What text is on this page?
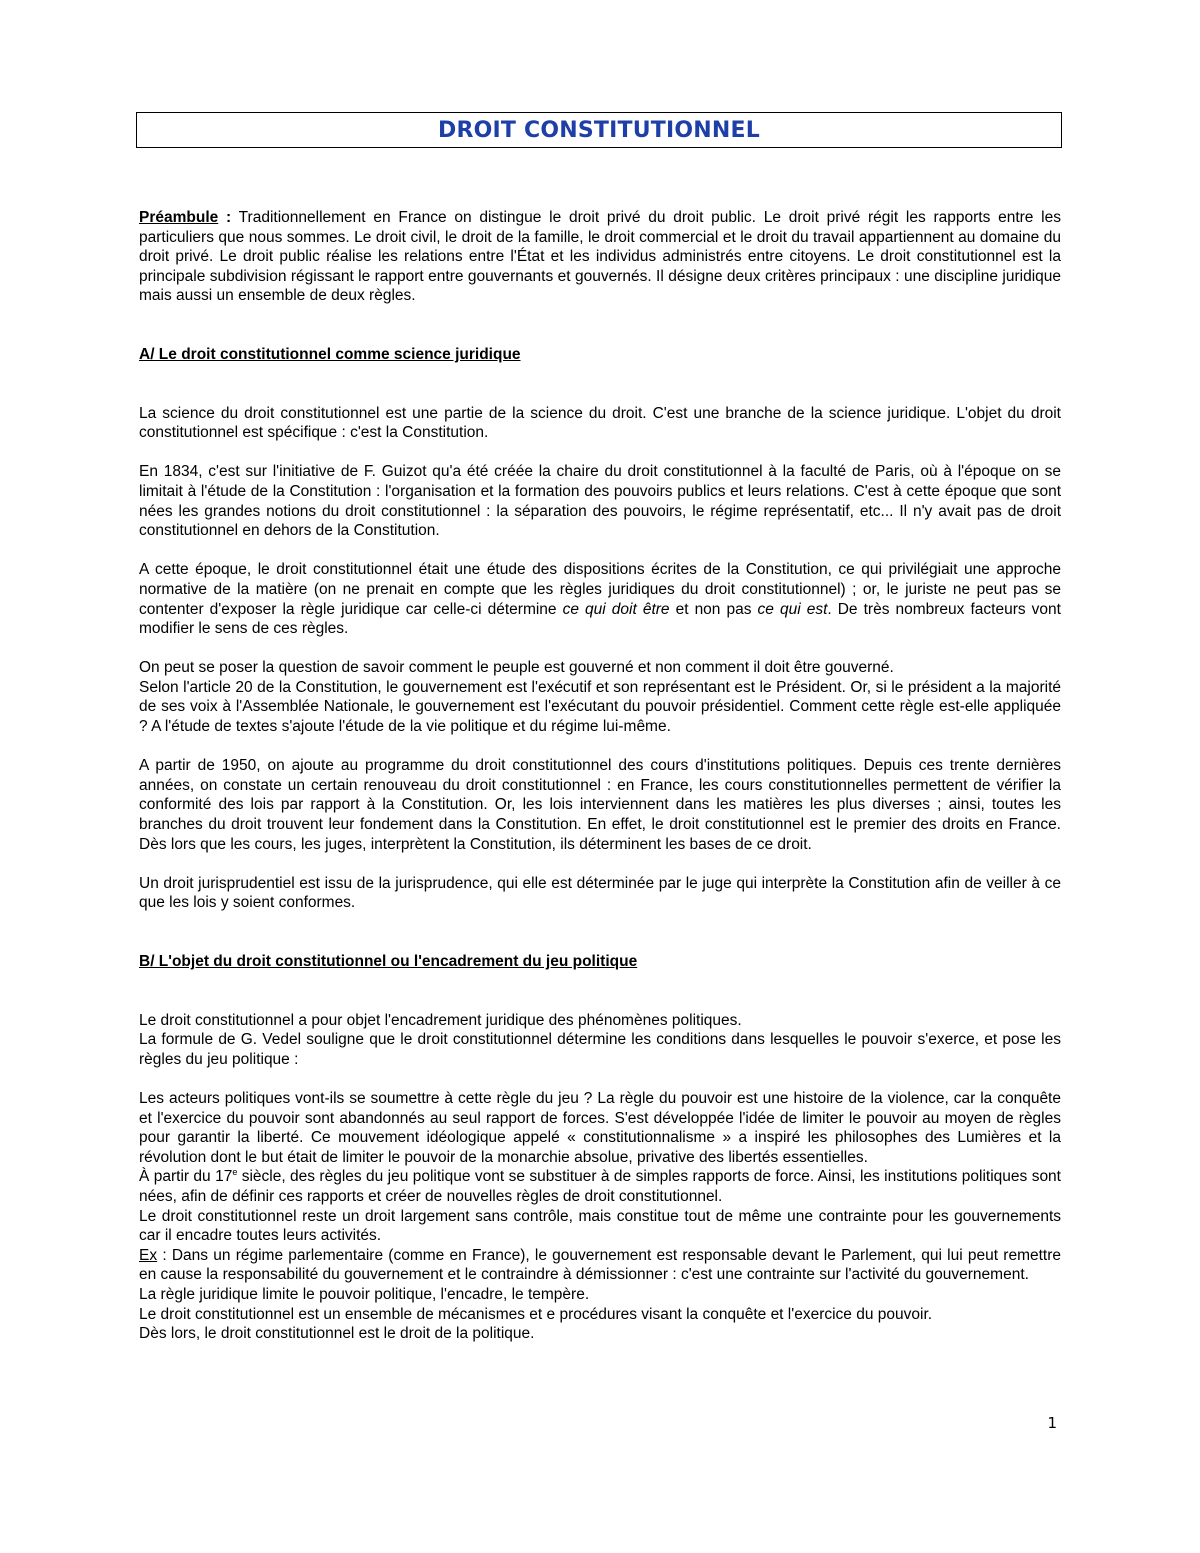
DROIT CONSTITUTIONNEL

Préambule : Traditionnellement en France on distingue le droit privé du droit public. Le droit privé régit les rapports entre les particuliers que nous sommes. Le droit civil, le droit de la famille, le droit commercial et le droit du travail appartiennent au domaine du droit privé. Le droit public réalise les relations entre l'État et les individus administrés entre citoyens. Le droit constitutionnel est la principale subdivision régissant le rapport entre gouvernants et gouvernés. Il désigne deux critères principaux : une discipline juridique mais aussi un ensemble de deux règles.

A/ Le droit constitutionnel comme science juridique

La science du droit constitutionnel est une partie de la science du droit. C'est une branche de la science juridique. L'objet du droit constitutionnel est spécifique : c'est la Constitution.

En 1834, c'est sur l'initiative de F. Guizot qu'a été créée la chaire du droit constitutionnel à la faculté de Paris, où à l'époque on se limitait à l'étude de la Constitution : l'organisation et la formation des pouvoirs publics et leurs relations. C'est à cette époque que sont nées les grandes notions du droit constitutionnel : la séparation des pouvoirs, le régime représentatif, etc... Il n'y avait pas de droit constitutionnel en dehors de la Constitution.

A cette époque, le droit constitutionnel était une étude des dispositions écrites de la Constitution, ce qui privilégiait une approche normative de la matière (on ne prenait en compte que les règles juridiques du droit constitutionnel) ; or, le juriste ne peut pas se contenter d'exposer la règle juridique car celle-ci détermine ce qui doit être et non pas ce qui est. De très nombreux facteurs vont modifier le sens de ces règles.

On peut se poser la question de savoir comment le peuple est gouverné et non comment il doit être gouverné.

Selon l'article 20 de la Constitution, le gouvernement est l'exécutif et son représentant est le Président. Or, si le président a la majorité de ses voix à l'Assemblée Nationale, le gouvernement est l'exécutant du pouvoir présidentiel. Comment cette règle est-elle appliquée ? A l'étude de textes s'ajoute l'étude de la vie politique et du régime lui-même.

A partir de 1950, on ajoute au programme du droit constitutionnel des cours d'institutions politiques. Depuis ces trente dernières années, on constate un certain renouveau du droit constitutionnel : en France, les cours constitutionnelles permettent de vérifier la conformité des lois par rapport à la Constitution. Or, les lois interviennent dans les matières les plus diverses ; ainsi, toutes les branches du droit trouvent leur fondement dans la Constitution. En effet, le droit constitutionnel est le premier des droits en France. Dès lors que les cours, les juges, interprètent la Constitution, ils déterminent les bases de ce droit.

Un droit jurisprudentiel est issu de la jurisprudence, qui elle est déterminée par le juge qui interprète la Constitution afin de veiller à ce que les lois y soient conformes.

B/ L'objet du droit constitutionnel ou l'encadrement du jeu politique

Le droit constitutionnel a pour objet l'encadrement juridique des phénomènes politiques.

La formule de G. Vedel souligne que le droit constitutionnel détermine les conditions dans lesquelles le pouvoir s'exerce, et pose les règles du jeu politique :

Les acteurs politiques vont-ils se soumettre à cette règle du jeu ? La règle du pouvoir est une histoire de la violence, car la conquête et l'exercice du pouvoir sont abandonnés au seul rapport de forces. S'est développée l'idée de limiter le pouvoir au moyen de règles pour garantir la liberté. Ce mouvement idéologique appelé « constitutionnalisme » a inspiré les philosophes des Lumières et la révolution dont le but était de limiter le pouvoir de la monarchie absolue, privative des libertés essentielles.

À partir du 17e siècle, des règles du jeu politique vont se substituer à de simples rapports de force. Ainsi, les institutions politiques sont nées, afin de définir ces rapports et créer de nouvelles règles de droit constitutionnel.

Le droit constitutionnel reste un droit largement sans contrôle, mais constitue tout de même une contrainte pour les gouvernements car il encadre toutes leurs activités.

Ex : Dans un régime parlementaire (comme en France), le gouvernement est responsable devant le Parlement, qui lui peut remettre en cause la responsabilité du gouvernement et le contraindre à démissionner : c'est une contrainte sur l'activité du gouvernement.

La règle juridique limite le pouvoir politique, l'encadre, le tempère.

Le droit constitutionnel est un ensemble de mécanismes et e procédures visant la conquête et l'exercice du pouvoir.

Dès lors, le droit constitutionnel est le droit de la politique.

1
